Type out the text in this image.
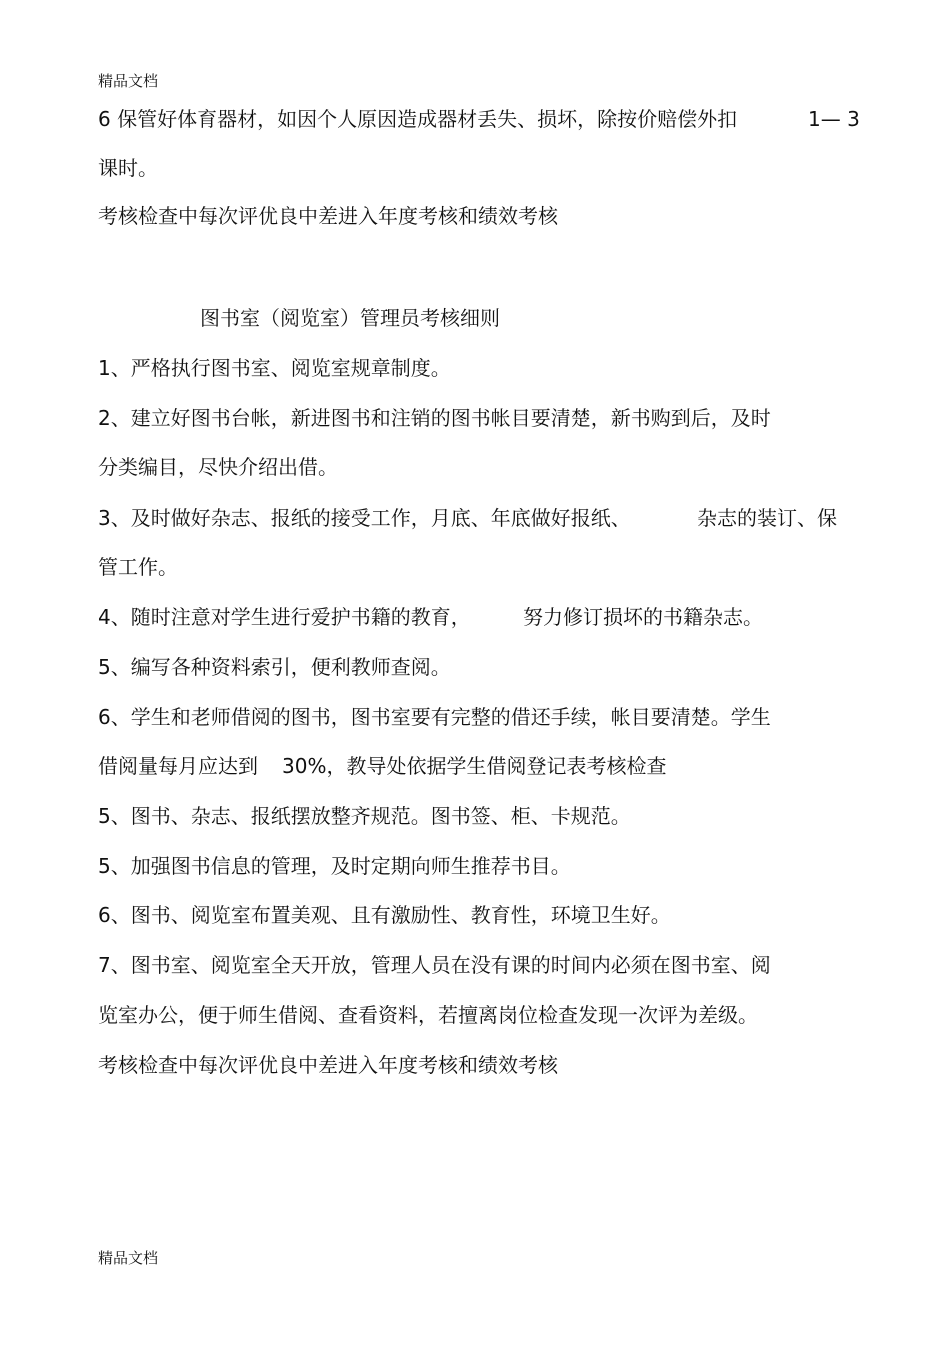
精品文档
6 保管好体育器材，如因个人原因造成器材丢失、损坏，除按价赔偿外扣	1— 3
课时。
考核检查中每次评优良中差进入年度考核和绩效考核
图书室（阅览室）管理员考核细则
1、严格执行图书室、阅览室规章制度。
2、建立好图书台帐，新进图书和注销的图书帐目要清楚，新书购到后，及时
分类编目，尽快介绍出借。
3、及时做好杂志、报纸的接受工作，月底、年底做好报纸、	杂志的装订、保
管工作。
4、随时注意对学生进行爱护书籍的教育，	努力修订损坏的书籍杂志。
5、编写各种资料索引，便利教师查阅。
6、学生和老师借阅的图书，图书室要有完整的借还手续，帐目要清楚。学生
借阅量每月应达到 30%，教导处依据学生借阅登记表考核检查
5、图书、杂志、报纸摆放整齐规范。图书签、柜、卡规范。
5、加强图书信息的管理，及时定期向师生推荐书目。
6、图书、阅览室布置美观、且有激励性、教育性，环境卫生好。
7、图书室、阅览室全天开放，管理人员在没有课的时间内必须在图书室、阅
览室办公，便于师生借阅、查看资料，若擅离岗位检查发现一次评为差级。
考核检查中每次评优良中差进入年度考核和绩效考核
精品文档
